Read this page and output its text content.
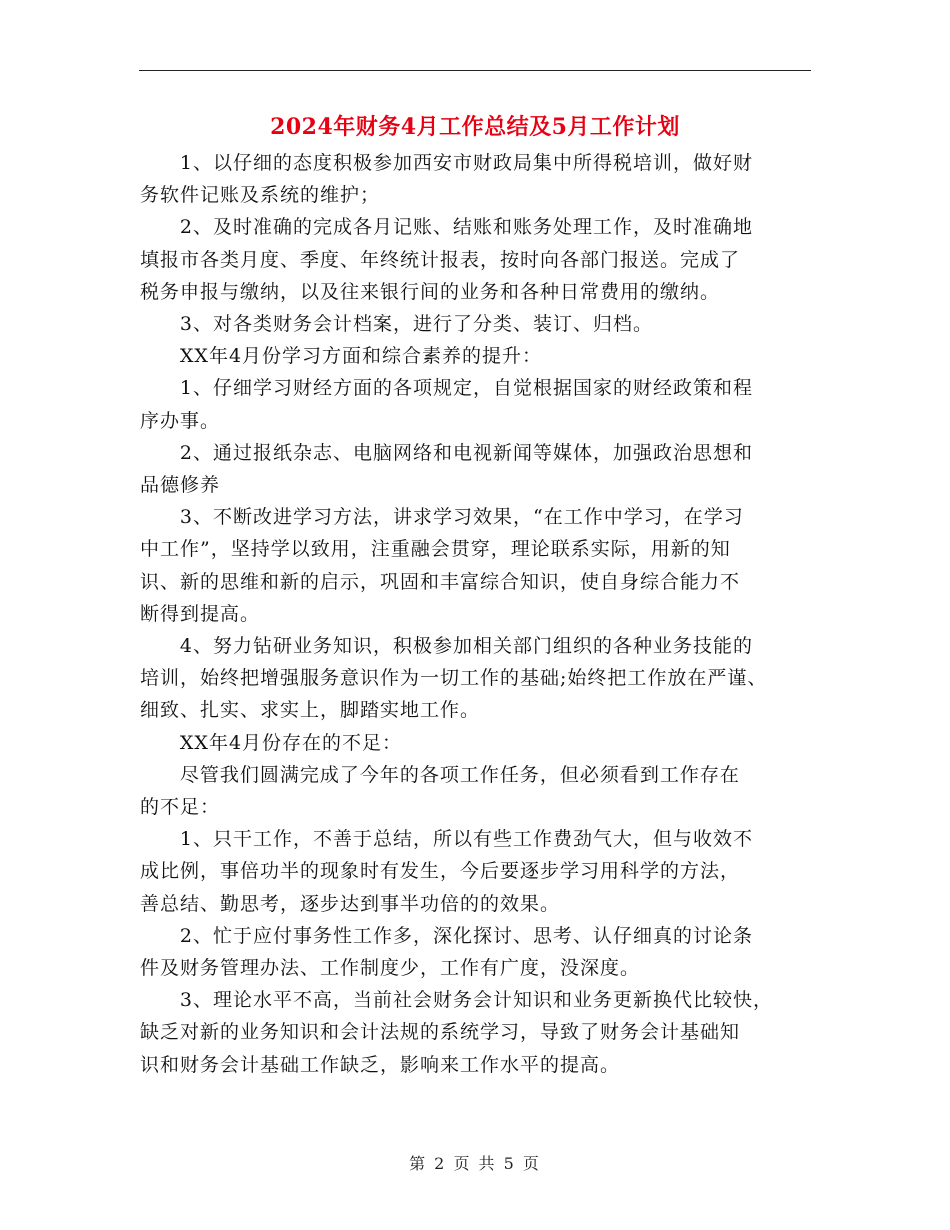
2024年财务4月工作总结及5月工作计划

1、以仔细的态度积极参加西安市财政局集中所得税培训，做好财
务软件记账及系统的维护；

2、及时准确的完成各月记账、结账和账务处理工作，及时准确地
填报市各类月度、季度、年终统计报表，按时向各部门报送。完成了
税务申报与缴纳，以及往来银行间的业务和各种日常费用的缴纳。

3、对各类财务会计档案，进行了分类、装订、归档。

XX年4月份学习方面和综合素养的提升：

1、仔细学习财经方面的各项规定，自觉根据国家的财经政策和程
序办事。

2、通过报纸杂志、电脑网络和电视新闻等媒体，加强政治思想和
品德修养

3、不断改进学习方法，讲求学习效果，“在工作中学习，在学习
中工作”，坚持学以致用，注重融会贯穿，理论联系实际，用新的知
识、新的思维和新的启示，巩固和丰富综合知识，使自身综合能力不
断得到提高。

4、努力钻研业务知识，积极参加相关部门组织的各种业务技能的
培训，始终把增强服务意识作为一切工作的基础;始终把工作放在严谨、
细致、扎实、求实上，脚踏实地工作。

XX年4月份存在的不足：

尽管我们圆满完成了今年的各项工作任务，但必须看到工作存在
的不足：

1、只干工作，不善于总结，所以有些工作费劲气大，但与收效不
成比例，事倍功半的现象时有发生，今后要逐步学习用科学的方法，
善总结、勤思考，逐步达到事半功倍的的效果。

2、忙于应付事务性工作多，深化探讨、思考、认仔细真的讨论条
件及财务管理办法、工作制度少，工作有广度，没深度。

3、理论水平不高，当前社会财务会计知识和业务更新换代比较快，
缺乏对新的业务知识和会计法规的系统学习，导致了财务会计基础知
识和财务会计基础工作缺乏，影响来工作水平的提高。

第 2 页 共 5 页
